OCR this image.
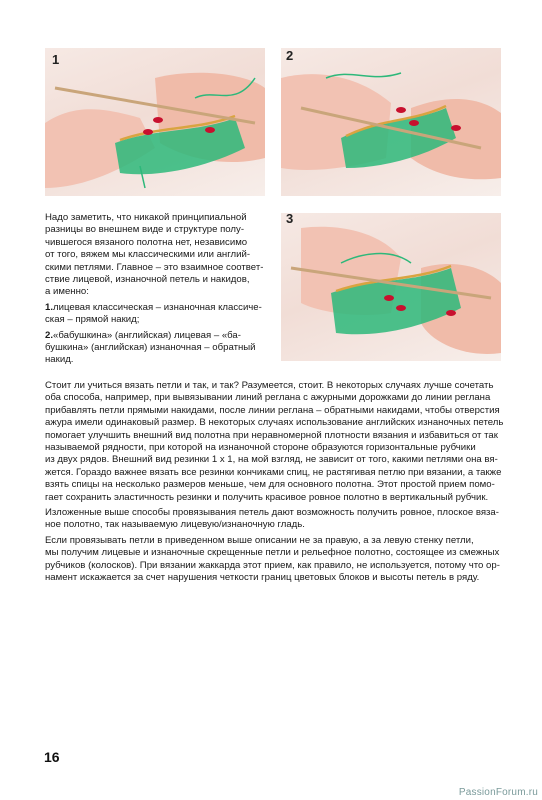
1	2
3

Надо заметить, что никакой принципиальной
разницы во внешнем виде и структуре полу-
чившегося вязаного полотна нет, независимо
от того, вяжем мы классическими или англий-
скими петлями. Главное – это взаимное соответ-
ствие лицевой, изнаночной петель и накидов,
а именно:

1.лицевая классическая – изнаночная классиче-
ская – прямой накид;

2.«бабушкина» (английская) лицевая – «ба-
бушкина» (английская) изнаночная – обратный
накид.

Стоит ли учиться вязать петли и так, и так? Разумеется, стоит. В некоторых случаях лучше сочетать
оба способа, например, при вывязывании линий реглана с ажурными дорожками до линии реглана
прибавлять петли прямыми накидами, после линии реглана – обратными накидами, чтобы отверстия
ажура имели одинаковый размер. В некоторых случаях использование английских изнаночных петель
помогает улучшить внешний вид полотна при неравномерной плотности вязания и избавиться от так
называемой рядности, при которой на изнаночной стороне образуются горизонтальные рубчики
из двух рядов. Внешний вид резинки 1 х 1, на мой взгляд, не зависит от того, какими петлями она вя-
жется. Гораздо важнее вязать все резинки кончиками спиц, не растягивая петлю при вязании, а также
взять спицы на несколько размеров меньше, чем для основного полотна. Этот простой прием помо-
гает сохранить эластичность резинки и получить красивое ровное полотно в вертикальный рубчик.

Изложенные выше способы провязывания петель дают возможность получить ровное, плоское вяза-
ное полотно, так называемую лицевую/изнаночную гладь.

Если провязывать петли в приведенном выше описании не за правую, а за левую стенку петли,
мы получим лицевые и изнаночные скрещенные петли и рельефное полотно, состоящее из смежных
рубчиков (колосков). При вязании жаккарда этот прием, как правило, не используется, потому что ор-
намент искажается за счет нарушения четкости границ цветовых блоков и высоты петель в ряду.

16
PassionForum.ru
